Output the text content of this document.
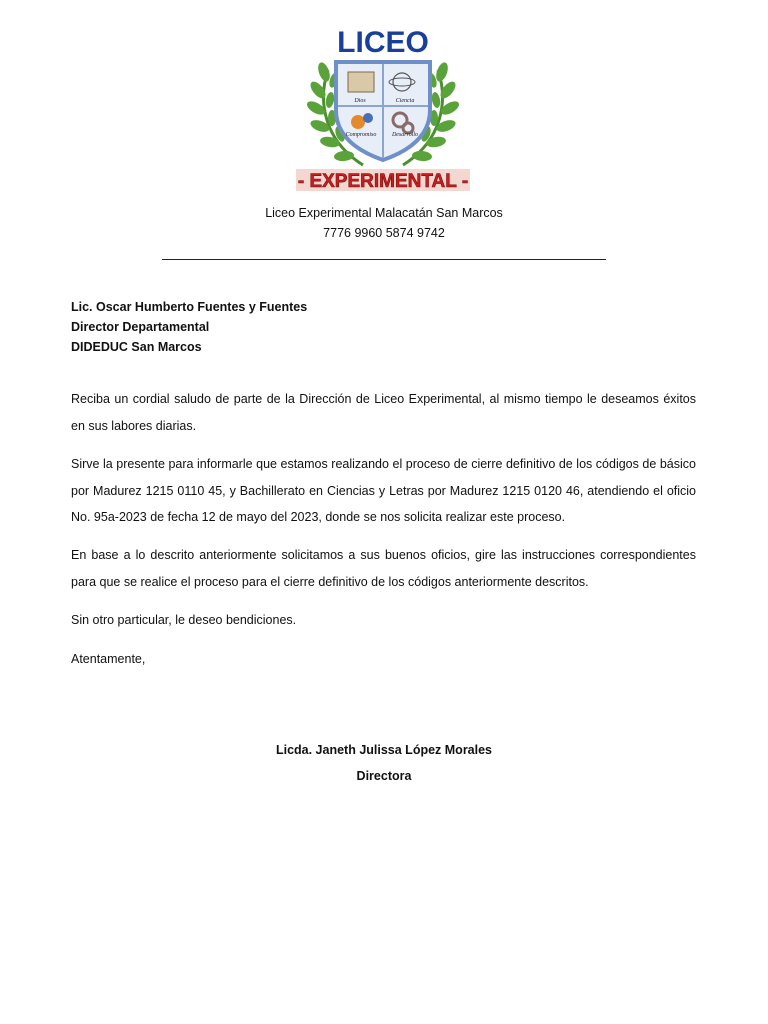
LICEO
Dios	Ciencia
Compromiso	Desarrollo
- EXPERIMENTAL -
Liceo Experimental Malacatán San Marcos
7776 9960 5874 9742
Lic. Oscar Humberto Fuentes y Fuentes
Director Departamental
DIDEDUC San Marcos
Reciba un cordial saludo de parte de la Dirección de Liceo Experimental, al mismo tiempo le deseamos éxitos en sus labores diarias.
Sirve la presente para informarle que estamos realizando el proceso de cierre definitivo de los códigos de básico por Madurez 1215 0110 45, y Bachillerato en Ciencias y Letras por Madurez 1215 0120 46, atendiendo el oficio No. 95a-2023 de fecha 12 de mayo del 2023, donde se nos solicita realizar este proceso.
En base a lo descrito anteriormente solicitamos a sus buenos oficios, gire las instrucciones correspondientes para que se realice el proceso para el cierre definitivo de los códigos anteriormente descritos.
Sin otro particular, le deseo bendiciones.
Atentamente,
Licda. Janeth Julissa López Morales
Directora
